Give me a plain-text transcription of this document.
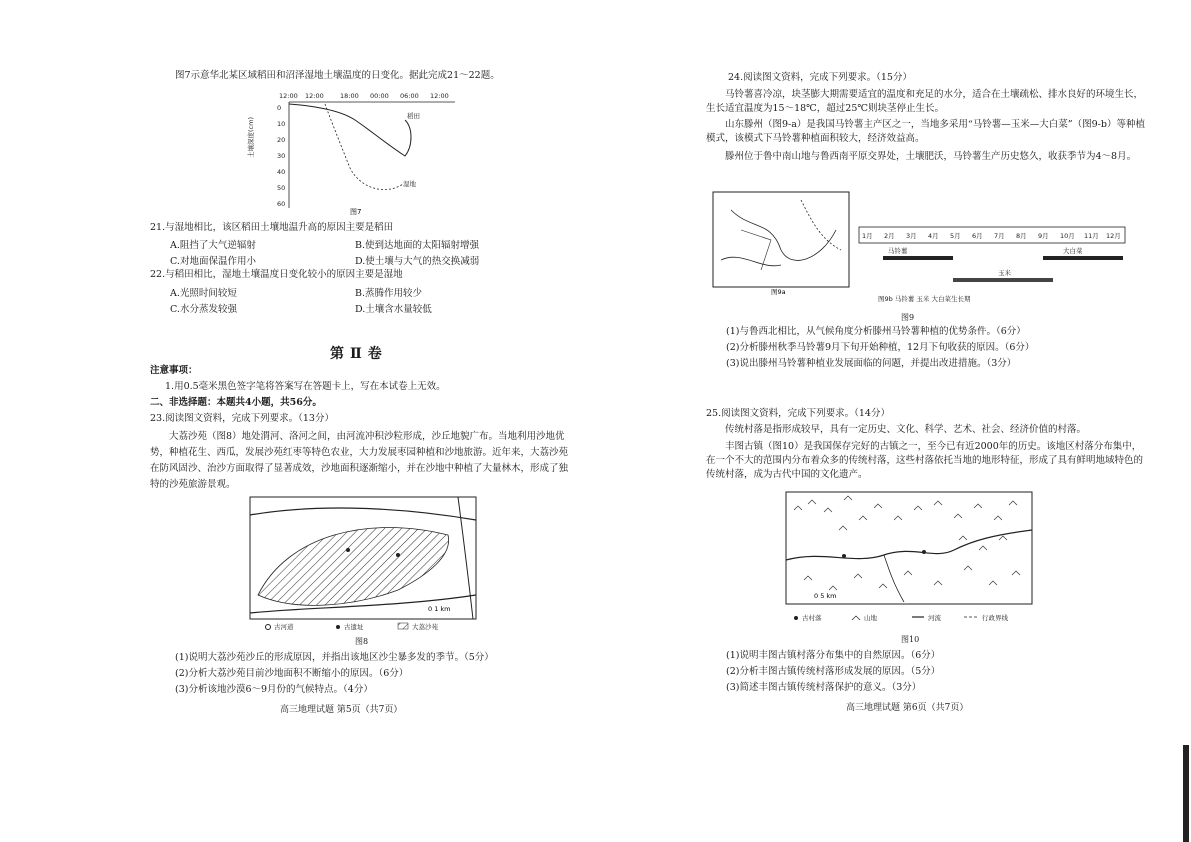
图7示意华北某区域稻田和沼泽湿地土壤温度的日变化。据此完成21～22题。
12:00 12:00	18:00 00:00 06:00 12:00
0
10
20
30
40
50
60
土壤深度(cm)
稻田
湿地
图7
21.与湿地相比，该区稻田土壤地温升高的原因主要是稻田
A.阻挡了大气逆辐射	B.使到达地面的太阳辐射增强
C.对地面保温作用小	D.使土壤与大气的热交换减弱
22.与稻田相比，湿地土壤温度日变化较小的原因主要是湿地
A.光照时间较短	B.蒸腾作用较少
C.水分蒸发较强	D.土壤含水量较低
第Ⅱ卷
注意事项：
1.用0.5毫米黑色签字笔将答案写在答题卡上，写在本试卷上无效。
二、非选择题：本题共4小题，共56分。
23.阅读图文资料，完成下列要求。（13分）
大荔沙苑（图8）地处渭河、洛河之间，由河流冲积沙粒形成，沙丘地貌广布。当地利用沙地优势，种植花生、西瓜，发展沙苑红枣等特色农业，大力发展枣园种植和沙地旅游。近年来，大荔沙苑在防风固沙、治沙方面取得了显著成效，沙地面积逐渐缩小，并在沙地中种植了大量林木，形成了独特的沙苑旅游景观。
0 1 km
古河道	古遗址	大荔沙苑
图8
(1)说明大荔沙苑沙丘的形成原因，并指出该地区沙尘暴多发的季节。（5分）
(2)分析大荔沙苑目前沙地面积不断缩小的原因。（6分）
(3)分析该地沙漠6～9月份的气候特点。（4分）
高三地理试题 第5页（共7页）
24.阅读图文资料，完成下列要求。（15分）
马铃薯喜冷凉，块茎膨大期需要适宜的温度和充足的水分，适合在土壤疏松、排水良好的环境生长，生长适宜温度为15～18℃，超过25℃则块茎停止生长。
山东滕州（图9-a）是我国马铃薯主产区之一，当地多采用“马铃薯—玉米—大白菜”（图9-b）等种植模式，该模式下马铃薯种植面积较大，经济效益高。
滕州位于鲁中南山地与鲁西南平原交界处，土壤肥沃，马铃薯生产历史悠久，收获季节为4～8月。
图9a
1月 2月 3月 4月 5月 6月 7月 8月 9月 10月 11月 12月
马铃薯	大白菜
玉米
图9b 马铃薯 玉米 大白菜生长期
图9
(1)与鲁西北相比，从气候角度分析滕州马铃薯种植的优势条件。（6分）
(2)分析滕州秋季马铃薯9月下旬开始种植，12月下旬收获的原因。（6分）
(3)说出滕州马铃薯种植业发展面临的问题，并提出改进措施。（3分）
25.阅读图文资料，完成下列要求。（14分）
传统村落是指形成较早，具有一定历史、文化、科学、艺术、社会、经济价值的村落。
丰图古镇（图10）是我国保存完好的古镇之一，至今已有近2000年的历史。该地区村落分布集中，在一个不大的范围内分布着众多的传统村落，这些村落依托当地的地形特征，形成了具有鲜明地域特色的传统村落，成为古代中国的文化遗产。
0 5 km
古村落	山地	河流	行政界线
图10
(1)说明丰图古镇村落分布集中的自然原因。（6分）
(2)分析丰图古镇传统村落形成发展的原因。（5分）
(3)简述丰图古镇传统村落保护的意义。（3分）
高三地理试题 第6页（共7页）
